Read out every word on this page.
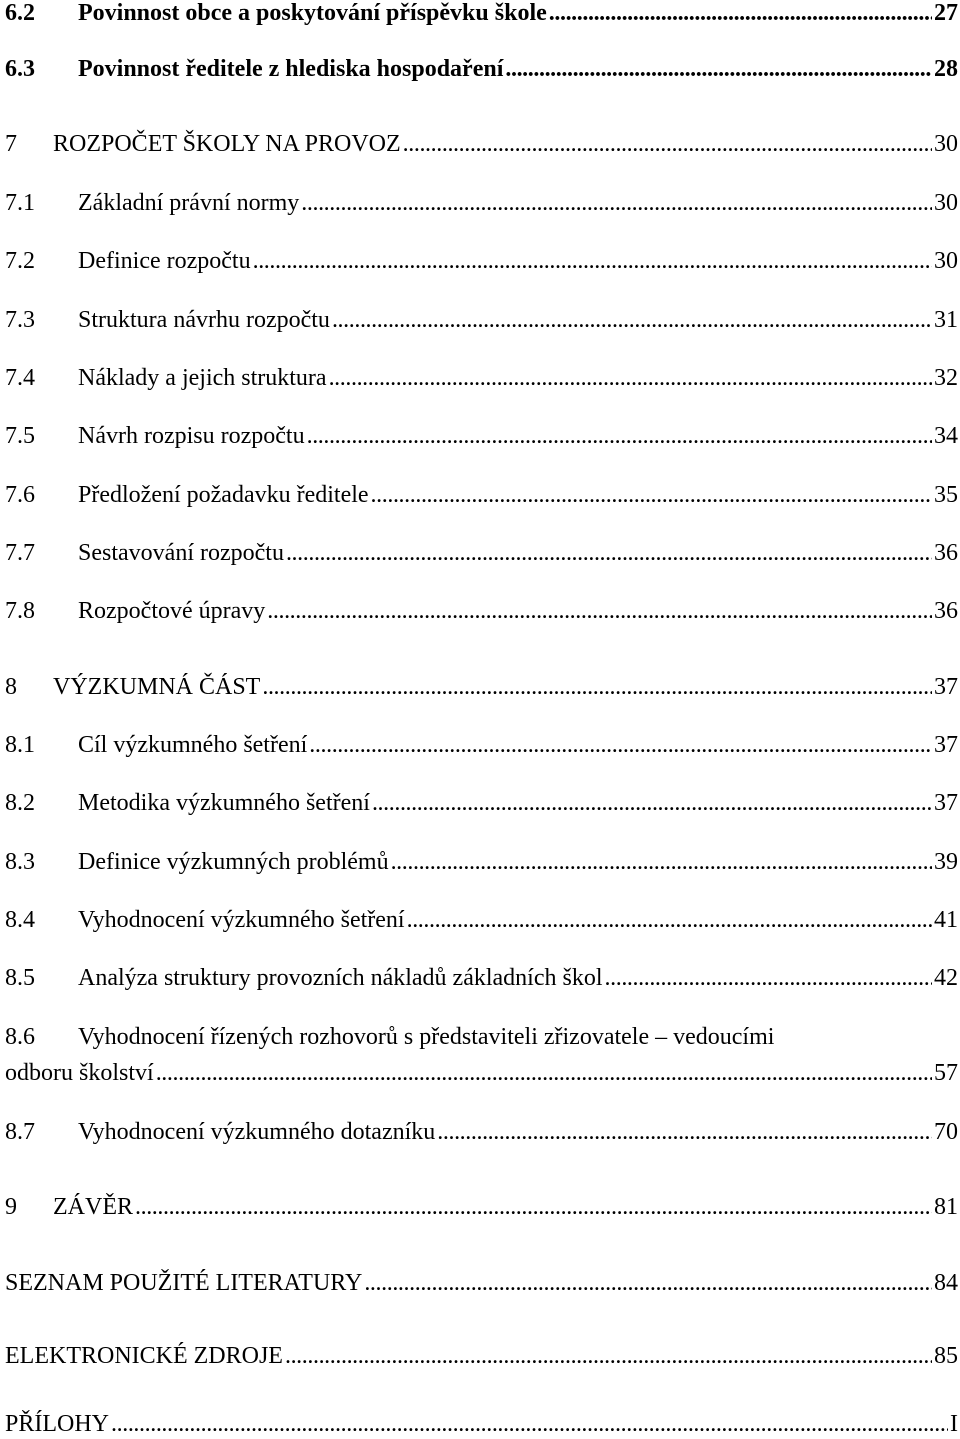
6.2	Povinnost obce a poskytování příspěvku škole . . .	27
6.3	Povinnost ředitele z hlediska hospodaření . . .	28
7	ROZPOČET ŠKOLY NA PROVOZ . . .	30
7.1	Základní právní normy . . .	30
7.2	Definice rozpočtu . . .	30
7.3	Struktura návrhu rozpočtu . . .	31
7.4	Náklady a jejich struktura . . .	32
7.5	Návrh rozpisu rozpočtu . . .	34
7.6	Předložení požadavku ředitele . . .	35
7.7	Sestavování rozpočtu . . .	36
7.8	Rozpočtové úpravy . . .	36
8	VÝZKUMNÁ ČÁST . . .	37
8.1	Cíl výzkumného šetření . . .	37
8.2	Metodika výzkumného šetření . . .	37
8.3	Definice výzkumných problémů . . .	39
8.4	Vyhodnocení výzkumného šetření . . .	41
8.5	Analýza struktury provozních nákladů základních škol . . .	42
8.6	Vyhodnocení řízených rozhovorů s představiteli zřizovatele – vedoucími
odboru školství . . .	57
8.7	Vyhodnocení výzkumného dotazníku . . .	70
9	ZÁVĚR . . .	81
SEZNAM POUŽITÉ LITERATURY . . .	84
ELEKTRONICKÉ ZDROJE . . .	85
PŘÍLOHY . . .	I
